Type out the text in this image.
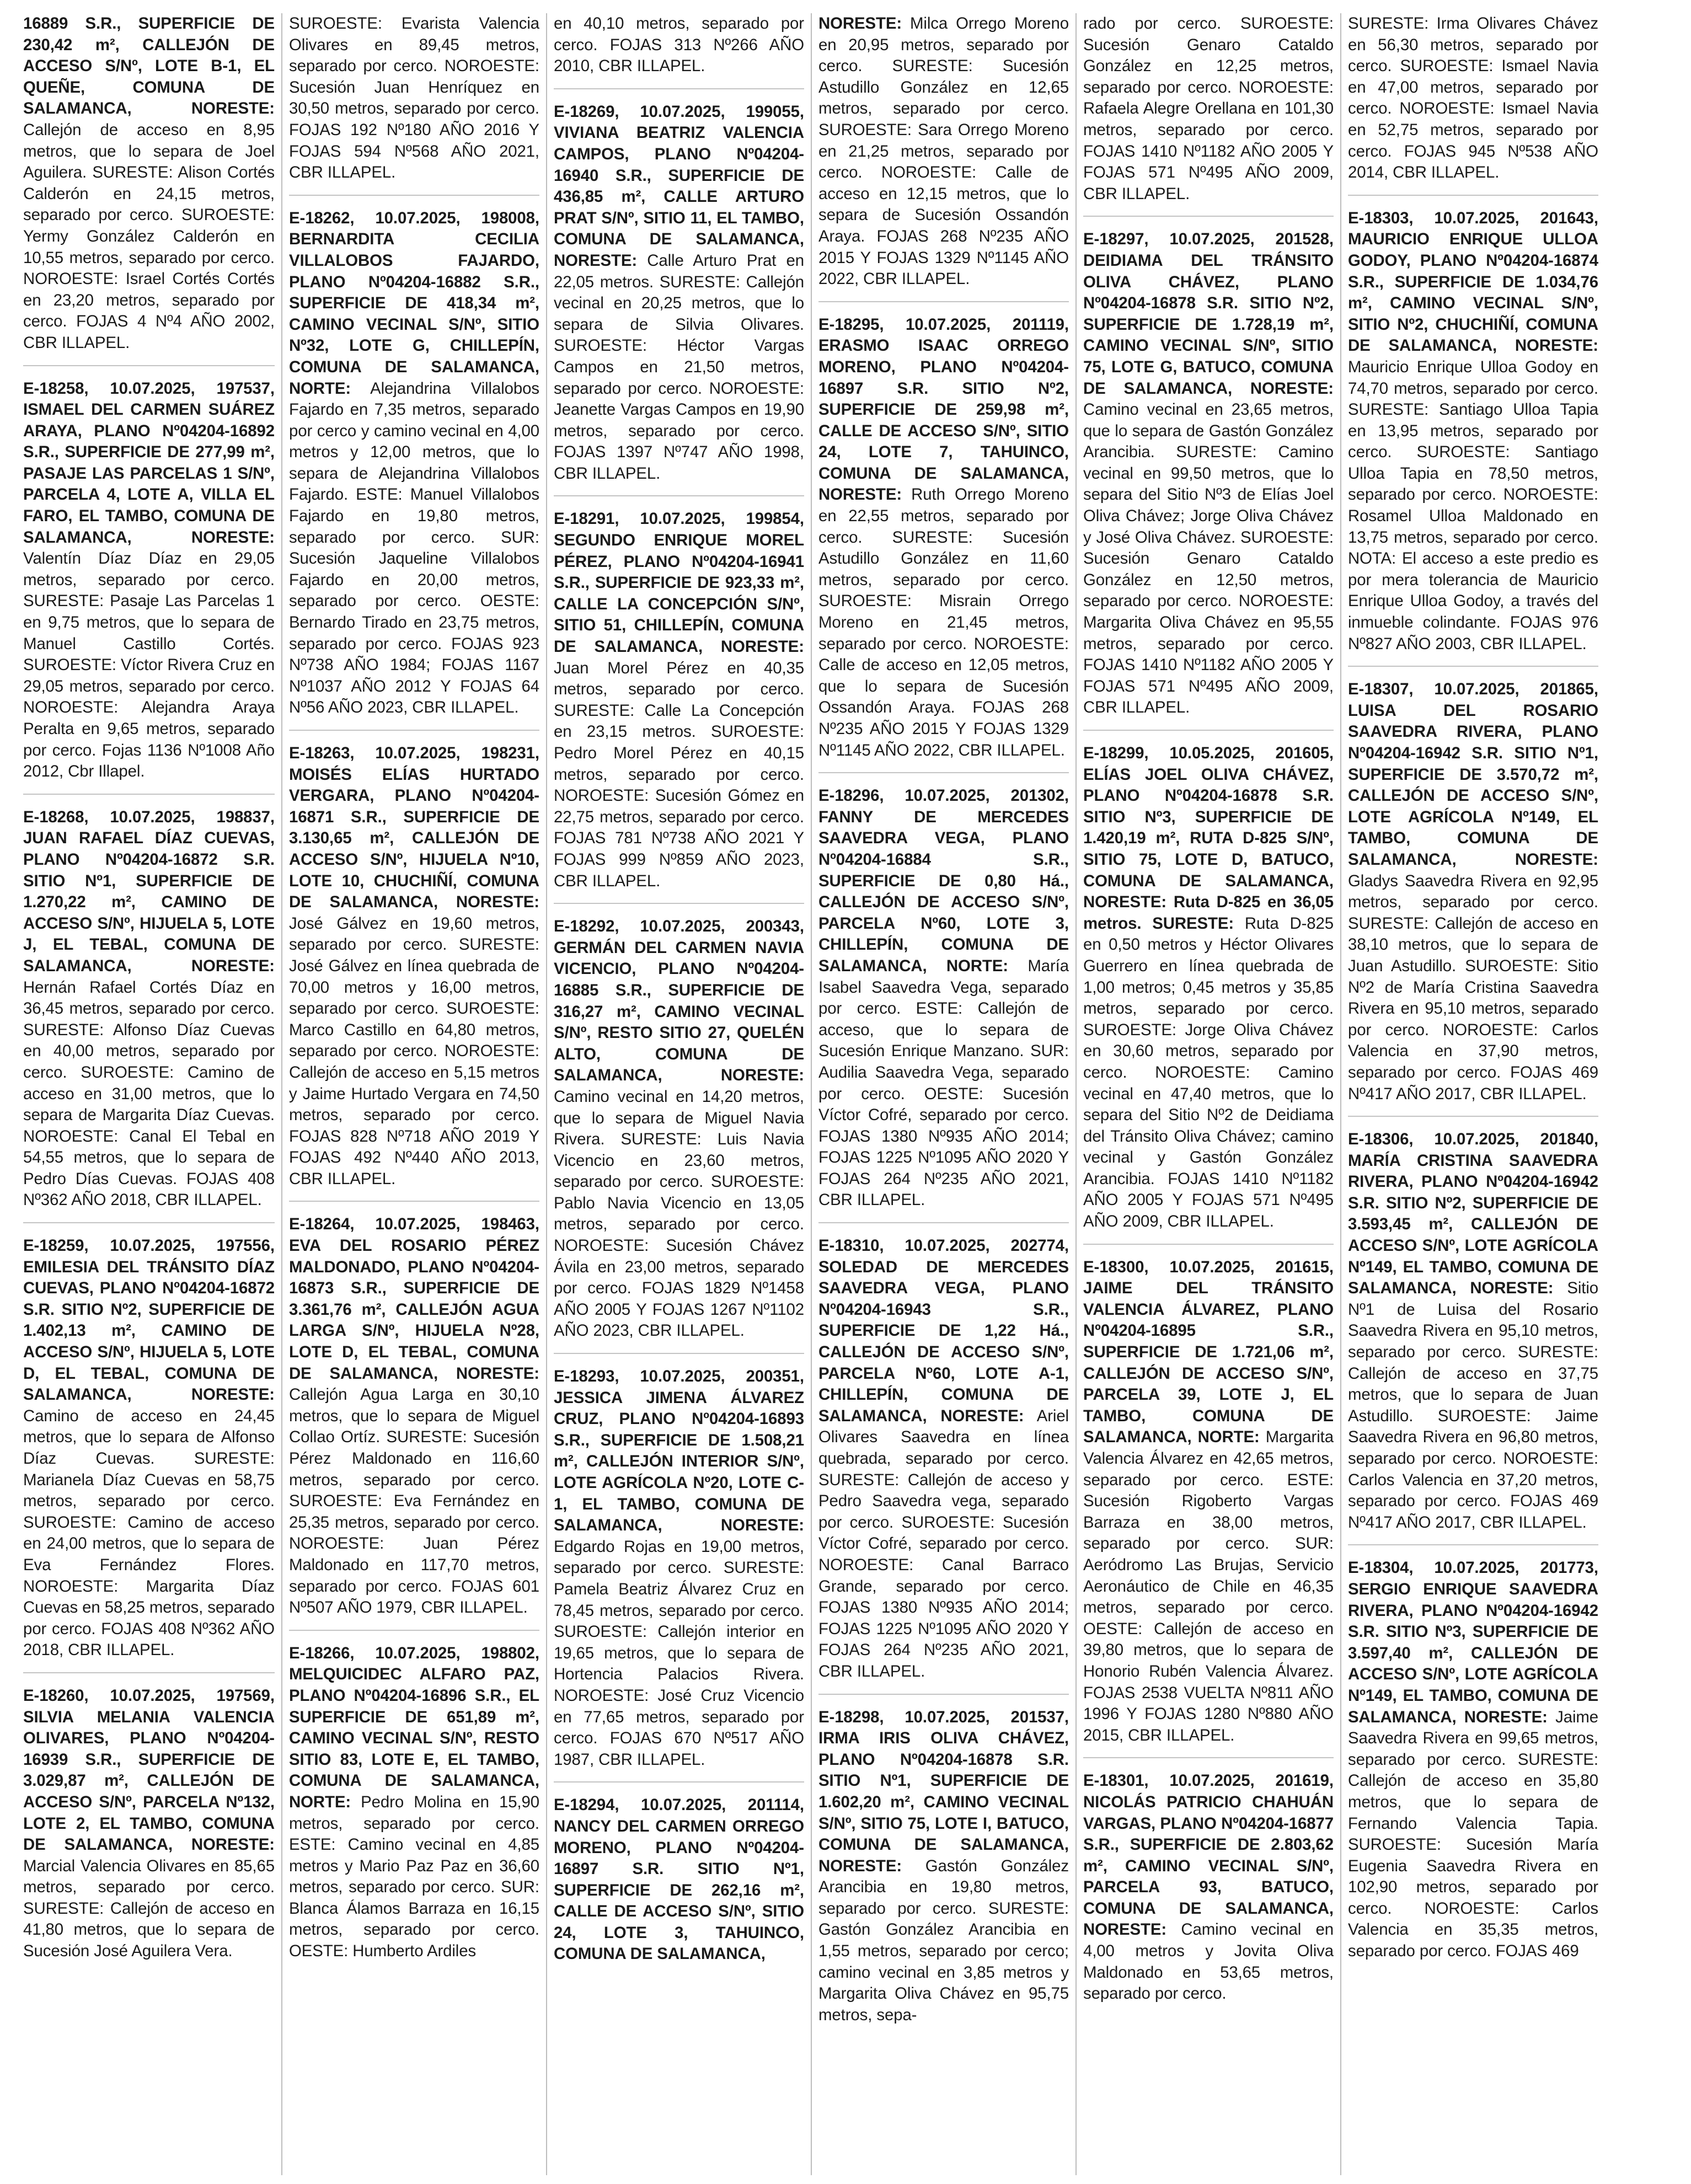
16889 S.R., SUPERFICIE DE 230,42 m², CALLEJÓN DE ACCESO S/Nº, LOTE B-1, EL QUEÑE, COMUNA DE SALAMANCA, NORESTE: Callejón de acceso en 8,95 metros, que lo separa de Joel Aguilera. SURESTE: Alison Cortés Calderón en 24,15 metros, separado por cerco. SUROESTE: Yermy González Calderón en 10,55 metros, separado por cerco. NOROESTE: Israel Cortés Cortés en 23,20 metros, separado por cerco. FOJAS 4 Nº4 AÑO 2002, CBR ILLAPEL.
E-18258, 10.07.2025, 197537, ISMAEL DEL CARMEN SUÁREZ ARAYA, PLANO Nº04204-16892 S.R., SUPERFICIE DE 277,99 m², PASAJE LAS PARCELAS 1 S/Nº, PARCELA 4, LOTE A, VILLA EL FARO, EL TAMBO, COMUNA DE SALAMANCA, NORESTE: Valentín Díaz Díaz en 29,05 metros, separado por cerco. SURESTE: Pasaje Las Parcelas 1 en 9,75 metros, que lo separa de Manuel Castillo Cortés. SUROESTE: Víctor Rivera Cruz en 29,05 metros, separado por cerco. NOROESTE: Alejandra Araya Peralta en 9,65 metros, separado por cerco. Fojas 1136 Nº1008 Año 2012, Cbr Illapel.
E-18268, 10.07.2025, 198837, JUAN RAFAEL DÍAZ CUEVAS, PLANO Nº04204-16872 S.R. SITIO Nº1, SUPERFICIE DE 1.270,22 m², CAMINO DE ACCESO S/Nº, HIJUELA 5, LOTE J, EL TEBAL, COMUNA DE SALAMANCA, NORESTE: Hernán Rafael Cortés Díaz en 36,45 metros, separado por cerco. SURESTE: Alfonso Díaz Cuevas en 40,00 metros, separado por cerco. SUROESTE: Camino de acceso en 31,00 metros, que lo separa de Margarita Díaz Cuevas. NOROESTE: Canal El Tebal en 54,55 metros, que lo separa de Pedro Días Cuevas. FOJAS 408 Nº362 AÑO 2018, CBR ILLAPEL.
E-18259, 10.07.2025, 197556, EMILESIA DEL TRÁNSITO DÍAZ CUEVAS, PLANO Nº04204-16872 S.R. SITIO Nº2, SUPERFICIE DE 1.402,13 m², CAMINO DE ACCESO S/Nº, HIJUELA 5, LOTE D, EL TEBAL, COMUNA DE SALAMANCA, NORESTE: Camino de acceso en 24,45 metros, que lo separa de Alfonso Díaz Cuevas. SURESTE: Marianela Díaz Cuevas en 58,75 metros, separado por cerco. SUROESTE: Camino de acceso en 24,00 metros, que lo separa de Eva Fernández Flores. NOROESTE: Margarita Díaz Cuevas en 58,25 metros, separado por cerco. FOJAS 408 Nº362 AÑO 2018, CBR ILLAPEL.
E-18260, 10.07.2025, 197569, SILVIA MELANIA VALENCIA OLIVARES, PLANO Nº04204-16939 S.R., SUPERFICIE DE 3.029,87 m², CALLEJÓN DE ACCESO S/Nº, PARCELA Nº132, LOTE 2, EL TAMBO, COMUNA DE SALAMANCA, NORESTE: Marcial Valencia Olivares en 85,65 metros, separado por cerco. SURESTE: Callejón de acceso en 41,80 metros, que lo separa de Sucesión José Aguilera Vera.
SUROESTE: Evarista Valencia Olivares en 89,45 metros, separado por cerco. NOROESTE: Sucesión Juan Henríquez en 30,50 metros, separado por cerco. FOJAS 192 Nº180 AÑO 2016 Y FOJAS 594 Nº568 AÑO 2021, CBR ILLAPEL.
E-18262, 10.07.2025, 198008, BERNARDITA CECILIA VILLALOBOS FAJARDO, PLANO Nº04204-16882 S.R., SUPERFICIE DE 418,34 m², CAMINO VECINAL S/Nº, SITIO Nº32, LOTE G, CHILLEPÍN, COMUNA DE SALAMANCA, NORTE: Alejandrina Villalobos Fajardo en 7,35 metros, separado por cerco y camino vecinal en 4,00 metros y 12,00 metros, que lo separa de Alejandrina Villalobos Fajardo. ESTE: Manuel Villalobos Fajardo en 19,80 metros, separado por cerco. SUR: Sucesión Jaqueline Villalobos Fajardo en 20,00 metros, separado por cerco. OESTE: Bernardo Tirado en 23,75 metros, separado por cerco. FOJAS 923 Nº738 AÑO 1984; FOJAS 1167 Nº1037 AÑO 2012 Y FOJAS 64 Nº56 AÑO 2023, CBR ILLAPEL.
E-18263, 10.07.2025, 198231, MOISÉS ELÍAS HURTADO VERGARA, PLANO Nº04204-16871 S.R., SUPERFICIE DE 3.130,65 m², CALLEJÓN DE ACCESO S/Nº, HIJUELA Nº10, LOTE 10, CHUCHIÑÍ, COMUNA DE SALAMANCA, NORESTE: José Gálvez en 19,60 metros, separado por cerco. SURESTE: José Gálvez en línea quebrada de 70,00 metros y 16,00 metros, separado por cerco. SUROESTE: Marco Castillo en 64,80 metros, separado por cerco. NOROESTE: Callejón de acceso en 5,15 metros y Jaime Hurtado Vergara en 74,50 metros, separado por cerco. FOJAS 828 Nº718 AÑO 2019 Y FOJAS 492 Nº440 AÑO 2013, CBR ILLAPEL.
E-18264, 10.07.2025, 198463, EVA DEL ROSARIO PÉREZ MALDONADO, PLANO Nº04204-16873 S.R., SUPERFICIE DE 3.361,76 m², CALLEJÓN AGUA LARGA S/Nº, HIJUELA Nº28, LOTE D, EL TEBAL, COMUNA DE SALAMANCA, NORESTE: Callejón Agua Larga en 30,10 metros, que lo separa de Miguel Collao Ortíz. SURESTE: Sucesión Pérez Maldonado en 116,60 metros, separado por cerco. SUROESTE: Eva Fernández en 25,35 metros, separado por cerco. NOROESTE: Juan Pérez Maldonado en 117,70 metros, separado por cerco. FOJAS 601 Nº507 AÑO 1979, CBR ILLAPEL.
E-18266, 10.07.2025, 198802, MELQUICIDEC ALFARO PAZ, PLANO Nº04204-16896 S.R., EL SUPERFICIE DE 651,89 m², CAMINO VECINAL S/Nº, RESTO SITIO 83, LOTE E, EL TAMBO, COMUNA DE SALAMANCA, NORTE: Pedro Molina en 15,90 metros, separado por cerco. ESTE: Camino vecinal en 4,85 metros y Mario Paz Paz en 36,60 metros, separado por cerco. SUR: Blanca Álamos Barraza en 16,15 metros, separado por cerco. OESTE: Humberto Ardiles
en 40,10 metros, separado por cerco. FOJAS 313 Nº266 AÑO 2010, CBR ILLAPEL.
E-18269, 10.07.2025, 199055, VIVIANA BEATRIZ VALENCIA CAMPOS, PLANO Nº04204-16940 S.R., SUPERFICIE DE 436,85 m², CALLE ARTURO PRAT S/Nº, SITIO 11, EL TAMBO, COMUNA DE SALAMANCA, NORESTE: Calle Arturo Prat en 22,05 metros. SURESTE: Callejón vecinal en 20,25 metros, que lo separa de Silvia Olivares. SUROESTE: Héctor Vargas Campos en 21,50 metros, separado por cerco. NOROESTE: Jeanette Vargas Campos en 19,90 metros, separado por cerco. FOJAS 1397 Nº747 AÑO 1998, CBR ILLAPEL.
E-18291, 10.07.2025, 199854, SEGUNDO ENRIQUE MOREL PÉREZ, PLANO Nº04204-16941 S.R., SUPERFICIE DE 923,33 m², CALLE LA CONCEPCIÓN S/Nº, SITIO 51, CHILLEPÍN, COMUNA DE SALAMANCA, NORESTE: Juan Morel Pérez en 40,35 metros, separado por cerco. SURESTE: Calle La Concepción en 23,15 metros. SUROESTE: Pedro Morel Pérez en 40,15 metros, separado por cerco. NOROESTE: Sucesión Gómez en 22,75 metros, separado por cerco. FOJAS 781 Nº738 AÑO 2021 Y FOJAS 999 Nº859 AÑO 2023, CBR ILLAPEL.
E-18292, 10.07.2025, 200343, GERMÁN DEL CARMEN NAVIA VICENCIO, PLANO Nº04204-16885 S.R., SUPERFICIE DE 316,27 m², CAMINO VECINAL S/Nº, RESTO SITIO 27, QUELÉN ALTO, COMUNA DE SALAMANCA, NORESTE: Camino vecinal en 14,20 metros, que lo separa de Miguel Navia Rivera. SURESTE: Luis Navia Vicencio en 23,60 metros, separado por cerco. SUROESTE: Pablo Navia Vicencio en 13,05 metros, separado por cerco. NOROESTE: Sucesión Chávez Ávila en 23,00 metros, separado por cerco. FOJAS 1829 Nº1458 AÑO 2005 Y FOJAS 1267 Nº1102 AÑO 2023, CBR ILLAPEL.
E-18293, 10.07.2025, 200351, JESSICA JIMENA ÁLVAREZ CRUZ, PLANO Nº04204-16893 S.R., SUPERFICIE DE 1.508,21 m², CALLEJÓN INTERIOR S/Nº, LOTE AGRÍCOLA Nº20, LOTE C-1, EL TAMBO, COMUNA DE SALAMANCA, NORESTE: Edgardo Rojas en 19,00 metros, separado por cerco. SURESTE: Pamela Beatriz Álvarez Cruz en 78,45 metros, separado por cerco. SUROESTE: Callejón interior en 19,65 metros, que lo separa de Hortencia Palacios Rivera. NOROESTE: José Cruz Vicencio en 77,65 metros, separado por cerco. FOJAS 670 Nº517 AÑO 1987, CBR ILLAPEL.
E-18294, 10.07.2025, 201114, NANCY DEL CARMEN ORREGO MORENO, PLANO Nº04204-16897 S.R. SITIO Nº1, SUPERFICIE DE 262,16 m², CALLE DE ACCESO S/Nº, SITIO 24, LOTE 3, TAHUINCO, COMUNA DE SALAMANCA,
NORESTE: Milca Orrego Moreno en 20,95 metros, separado por cerco. SURESTE: Sucesión Astudillo González en 12,65 metros, separado por cerco. SUROESTE: Sara Orrego Moreno en 21,25 metros, separado por cerco. NOROESTE: Calle de acceso en 12,15 metros, que lo separa de Sucesión Ossandón Araya. FOJAS 268 Nº235 AÑO 2015 Y FOJAS 1329 Nº1145 AÑO 2022, CBR ILLAPEL.
E-18295, 10.07.2025, 201119, ERASMO ISAAC ORREGO MORENO, PLANO Nº04204-16897 S.R. SITIO Nº2, SUPERFICIE DE 259,98 m², CALLE DE ACCESO S/Nº, SITIO 24, LOTE 7, TAHUINCO, COMUNA DE SALAMANCA, NORESTE: Ruth Orrego Moreno en 22,55 metros, separado por cerco. SURESTE: Sucesión Astudillo González en 11,60 metros, separado por cerco. SUROESTE: Misrain Orrego Moreno en 21,45 metros, separado por cerco. NOROESTE: Calle de acceso en 12,05 metros, que lo separa de Sucesión Ossandón Araya. FOJAS 268 Nº235 AÑO 2015 Y FOJAS 1329 Nº1145 AÑO 2022, CBR ILLAPEL.
E-18296, 10.07.2025, 201302, FANNY DE MERCEDES SAAVEDRA VEGA, PLANO Nº04204-16884 S.R., SUPERFICIE DE 0,80 Há., CALLEJÓN DE ACCESO S/Nº, PARCELA Nº60, LOTE 3, CHILLEPÍN, COMUNA DE SALAMANCA, NORTE: María Isabel Saavedra Vega, separado por cerco. ESTE: Callejón de acceso, que lo separa de Sucesión Enrique Manzano. SUR: Audilia Saavedra Vega, separado por cerco. OESTE: Sucesión Víctor Cofré, separado por cerco. FOJAS 1380 Nº935 AÑO 2014; FOJAS 1225 Nº1095 AÑO 2020 Y FOJAS 264 Nº235 AÑO 2021, CBR ILLAPEL.
E-18310, 10.07.2025, 202774, SOLEDAD DE MERCEDES SAAVEDRA VEGA, PLANO Nº04204-16943 S.R., SUPERFICIE DE 1,22 Há., CALLEJÓN DE ACCESO S/Nº, PARCELA Nº60, LOTE A-1, CHILLEPÍN, COMUNA DE SALAMANCA, NORESTE: Ariel Olivares Saavedra en línea quebrada, separado por cerco. SURESTE: Callejón de acceso y Pedro Saavedra vega, separado por cerco. SUROESTE: Sucesión Víctor Cofré, separado por cerco. NOROESTE: Canal Barraco Grande, separado por cerco. FOJAS 1380 Nº935 AÑO 2014; FOJAS 1225 Nº1095 AÑO 2020 Y FOJAS 264 Nº235 AÑO 2021, CBR ILLAPEL.
E-18298, 10.07.2025, 201537, IRMA IRIS OLIVA CHÁVEZ, PLANO Nº04204-16878 S.R. SITIO Nº1, SUPERFICIE DE 1.602,20 m², CAMINO VECINAL S/Nº, SITIO 75, LOTE I, BATUCO, COMUNA DE SALAMANCA, NORESTE: Gastón González Arancibia en 19,80 metros, separado por cerco. SURESTE: Gastón González Arancibia en 1,55 metros, separado por cerco; camino vecinal en 3,85 metros y Margarita Oliva Chávez en 95,75 metros, sepa-
rado por cerco. SUROESTE: Sucesión Genaro Cataldo González en 12,25 metros, separado por cerco. NOROESTE: Rafaela Alegre Orellana en 101,30 metros, separado por cerco. FOJAS 1410 Nº1182 AÑO 2005 Y FOJAS 571 Nº495 AÑO 2009, CBR ILLAPEL.
E-18297, 10.07.2025, 201528, DEIDIAMA DEL TRÁNSITO OLIVA CHÁVEZ, PLANO Nº04204-16878 S.R. SITIO Nº2, SUPERFICIE DE 1.728,19 m², CAMINO VECINAL S/Nº, SITIO 75, LOTE G, BATUCO, COMUNA DE SALAMANCA, NORESTE: Camino vecinal en 23,65 metros, que lo separa de Gastón González Arancibia. SURESTE: Camino vecinal en 99,50 metros, que lo separa del Sitio Nº3 de Elías Joel Oliva Chávez; Jorge Oliva Chávez y José Oliva Chávez. SUROESTE: Sucesión Genaro Cataldo González en 12,50 metros, separado por cerco. NOROESTE: Margarita Oliva Chávez en 95,55 metros, separado por cerco. FOJAS 1410 Nº1182 AÑO 2005 Y FOJAS 571 Nº495 AÑO 2009, CBR ILLAPEL.
E-18299, 10.05.2025, 201605, ELÍAS JOEL OLIVA CHÁVEZ, PLANO Nº04204-16878 S.R. SITIO Nº3, SUPERFICIE DE 1.420,19 m², RUTA D-825 S/Nº, SITIO 75, LOTE D, BATUCO, COMUNA DE SALAMANCA, NORESTE: Ruta D-825 en 36,05 metros. SURESTE: Ruta D-825 en 0,50 metros y Héctor Olivares Guerrero en línea quebrada de 1,00 metros; 0,45 metros y 35,85 metros, separado por cerco. SUROESTE: Jorge Oliva Chávez en 30,60 metros, separado por cerco. NOROESTE: Camino vecinal en 47,40 metros, que lo separa del Sitio Nº2 de Deidiama del Tránsito Oliva Chávez; camino vecinal y Gastón González Arancibia. FOJAS 1410 Nº1182 AÑO 2005 Y FOJAS 571 Nº495 AÑO 2009, CBR ILLAPEL.
E-18300, 10.07.2025, 201615, JAIME DEL TRÁNSITO VALENCIA ÁLVAREZ, PLANO Nº04204-16895 S.R., SUPERFICIE DE 1.721,06 m², CALLEJÓN DE ACCESO S/Nº, PARCELA 39, LOTE J, EL TAMBO, COMUNA DE SALAMANCA, NORTE: Margarita Valencia Álvarez en 42,65 metros, separado por cerco. ESTE: Sucesión Rigoberto Vargas Barraza en 38,00 metros, separado por cerco. SUR: Aeródromo Las Brujas, Servicio Aeronáutico de Chile en 46,35 metros, separado por cerco. OESTE: Callejón de acceso en 39,80 metros, que lo separa de Honorio Rubén Valencia Álvarez. FOJAS 2538 VUELTA Nº811 AÑO 1996 Y FOJAS 1280 Nº880 AÑO 2015, CBR ILLAPEL.
E-18301, 10.07.2025, 201619, NICOLÁS PATRICIO CHAHUÁN VARGAS, PLANO Nº04204-16877 S.R., SUPERFICIE DE 2.803,62 m², CAMINO VECINAL S/Nº, PARCELA 93, BATUCO, COMUNA DE SALAMANCA, NORESTE: Camino vecinal en 4,00 metros y Jovita Oliva Maldonado en 53,65 metros, separado por cerco.
SURESTE: Irma Olivares Chávez en 56,30 metros, separado por cerco. SUROESTE: Ismael Navia en 47,00 metros, separado por cerco. NOROESTE: Ismael Navia en 52,75 metros, separado por cerco. FOJAS 945 Nº538 AÑO 2014, CBR ILLAPEL.
E-18303, 10.07.2025, 201643, MAURICIO ENRIQUE ULLOA GODOY, PLANO Nº04204-16874 S.R., SUPERFICIE DE 1.034,76 m², CAMINO VECINAL S/Nº, SITIO Nº2, CHUCHIÑÍ, COMUNA DE SALAMANCA, NORESTE: Mauricio Enrique Ulloa Godoy en 74,70 metros, separado por cerco. SURESTE: Santiago Ulloa Tapia en 13,95 metros, separado por cerco. SUROESTE: Santiago Ulloa Tapia en 78,50 metros, separado por cerco. NOROESTE: Rosamel Ulloa Maldonado en 13,75 metros, separado por cerco. NOTA: El acceso a este predio es por mera tolerancia de Mauricio Enrique Ulloa Godoy, a través del inmueble colindante. FOJAS 976 Nº827 AÑO 2003, CBR ILLAPEL.
E-18307, 10.07.2025, 201865, LUISA DEL ROSARIO SAAVEDRA RIVERA, PLANO Nº04204-16942 S.R. SITIO Nº1, SUPERFICIE DE 3.570,72 m², CALLEJÓN DE ACCESO S/Nº, LOTE AGRÍCOLA Nº149, EL TAMBO, COMUNA DE SALAMANCA, NORESTE: Gladys Saavedra Rivera en 92,95 metros, separado por cerco. SURESTE: Callejón de acceso en 38,10 metros, que lo separa de Juan Astudillo. SUROESTE: Sitio Nº2 de María Cristina Saavedra Rivera en 95,10 metros, separado por cerco. NOROESTE: Carlos Valencia en 37,90 metros, separado por cerco. FOJAS 469 Nº417 AÑO 2017, CBR ILLAPEL.
E-18306, 10.07.2025, 201840, MARÍA CRISTINA SAAVEDRA RIVERA, PLANO Nº04204-16942 S.R. SITIO Nº2, SUPERFICIE DE 3.593,45 m², CALLEJÓN DE ACCESO S/Nº, LOTE AGRÍCOLA Nº149, EL TAMBO, COMUNA DE SALAMANCA, NORESTE: Sitio Nº1 de Luisa del Rosario Saavedra Rivera en 95,10 metros, separado por cerco. SURESTE: Callejón de acceso en 37,75 metros, que lo separa de Juan Astudillo. SUROESTE: Jaime Saavedra Rivera en 96,80 metros, separado por cerco. NOROESTE: Carlos Valencia en 37,20 metros, separado por cerco. FOJAS 469 Nº417 AÑO 2017, CBR ILLAPEL.
E-18304, 10.07.2025, 201773, SERGIO ENRIQUE SAAVEDRA RIVERA, PLANO Nº04204-16942 S.R. SITIO Nº3, SUPERFICIE DE 3.597,40 m², CALLEJÓN DE ACCESO S/Nº, LOTE AGRÍCOLA Nº149, EL TAMBO, COMUNA DE SALAMANCA, NORESTE: Jaime Saavedra Rivera en 99,65 metros, separado por cerco. SURESTE: Callejón de acceso en 35,80 metros, que lo separa de Fernando Valencia Tapia. SUROESTE: Sucesión María Eugenia Saavedra Rivera en 102,90 metros, separado por cerco. NOROESTE: Carlos Valencia en 35,35 metros, separado por cerco. FOJAS 469
